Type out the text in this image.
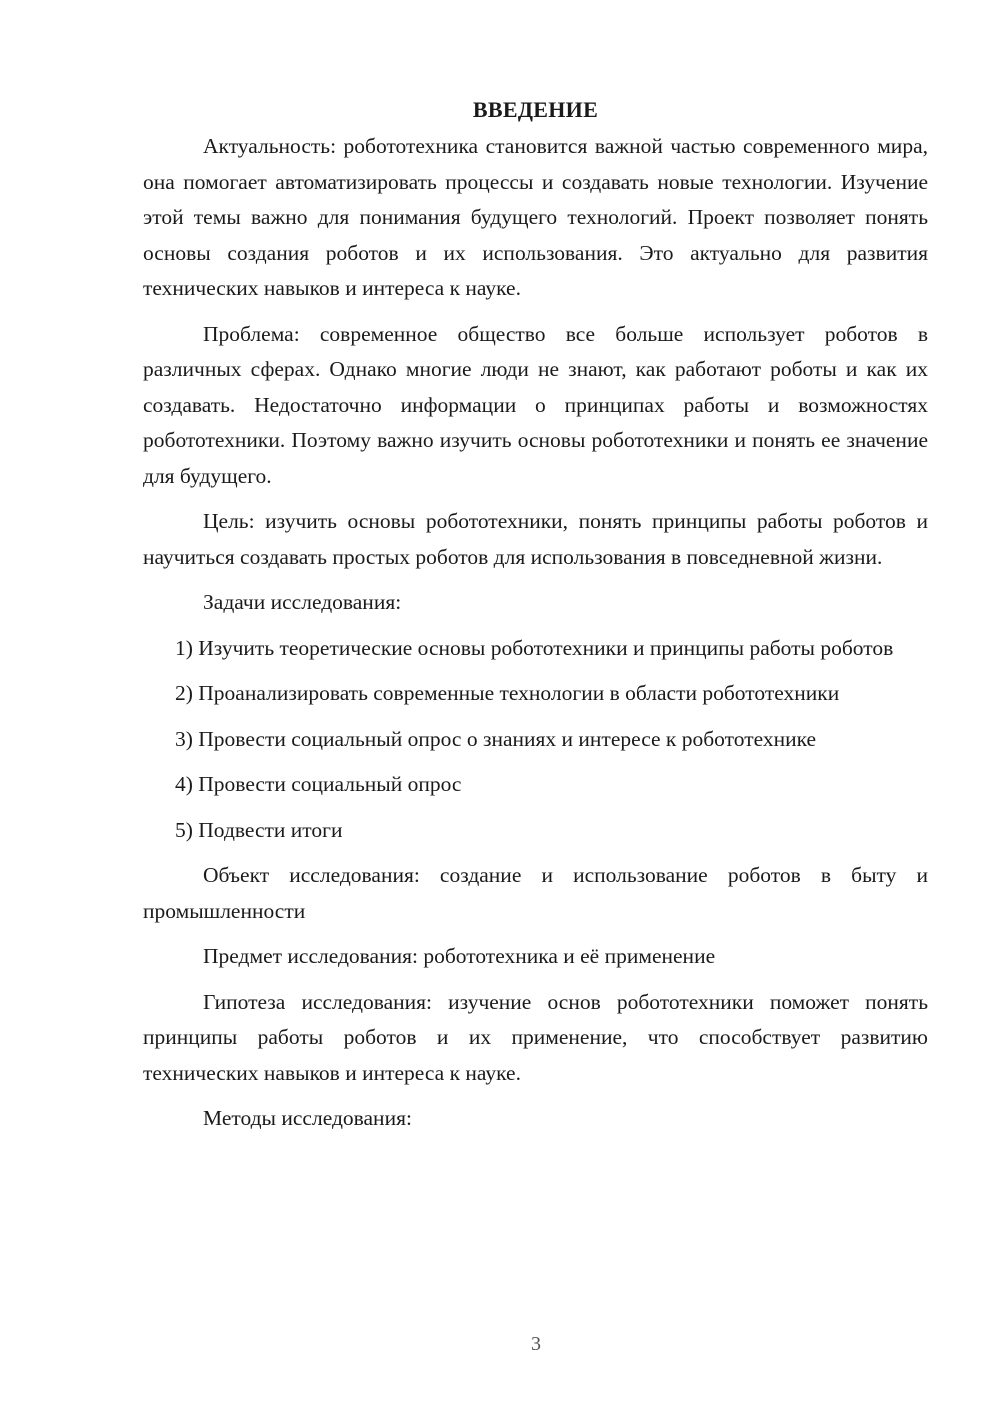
ВВЕДЕНИЕ

Актуальность: робототехника становится важной частью современного мира, она помогает автоматизировать процессы и создавать новые технологии. Изучение этой темы важно для понимания будущего технологий. Проект позволяет понять основы создания роботов и их использования. Это актуально для развития технических навыков и интереса к науке.

Проблема: современное общество все больше использует роботов в различных сферах. Однако многие люди не знают, как работают роботы и как их создавать. Недостаточно информации о принципах работы и возможностях робототехники. Поэтому важно изучить основы робототехники и понять ее значение для будущего.

Цель: изучить основы робототехники, понять принципы работы роботов и научиться создавать простых роботов для использования в повседневной жизни.

Задачи исследования:

1) Изучить теоретические основы робототехники и принципы работы роботов

2) Проанализировать современные технологии в области робототехники

3) Провести социальный опрос о знаниях и интересе к робототехнике

4) Провести социальный опрос

5) Подвести итоги

Объект исследования: создание и использование роботов в быту и промышленности

Предмет исследования: робототехника и её применение

Гипотеза исследования: изучение основ робототехники поможет понять принципы работы роботов и их применение, что способствует развитию технических навыков и интереса к науке.

Методы исследования:

3
